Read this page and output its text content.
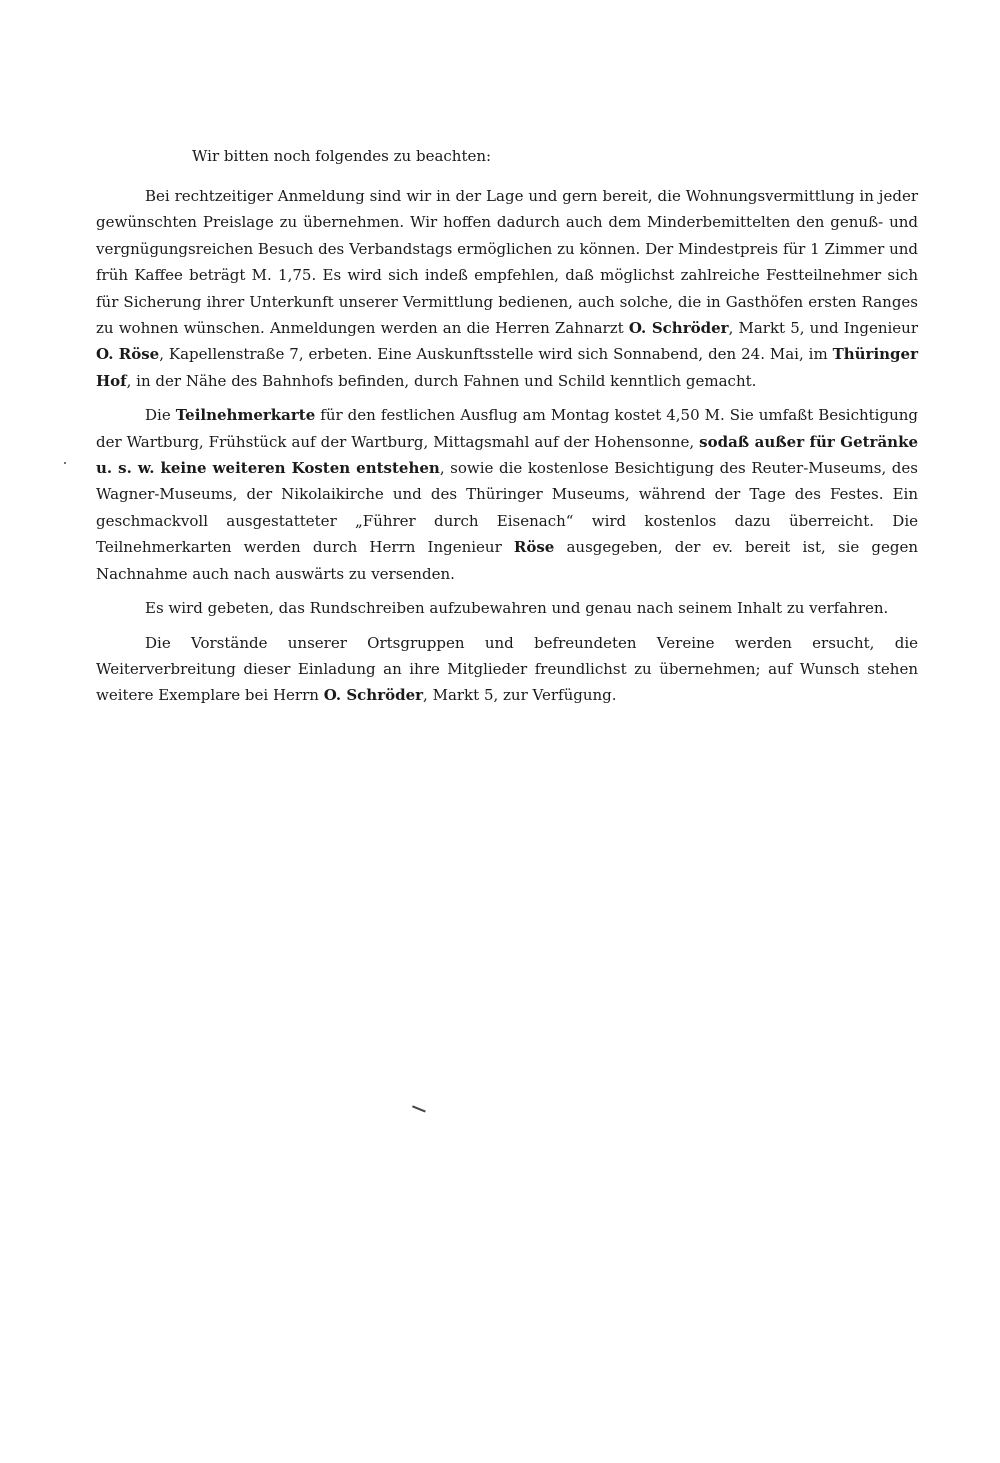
Wir bitten noch folgendes zu beachten:

Bei rechtzeitiger Anmeldung sind wir in der Lage und gern bereit, die Wohnungsvermittlung in jeder gewünschten Preislage zu übernehmen. Wir hoffen dadurch auch dem Minderbemittelten den genuß- und vergnügungsreichen Besuch des Verbandstags ermöglichen zu können. Der Mindestpreis für 1 Zimmer und früh Kaffee beträgt M. 1,75. Es wird sich indeß empfehlen, daß möglichst zahlreiche Festteilnehmer sich für Sicherung ihrer Unterkunft unserer Vermittlung bedienen, auch solche, die in Gasthöfen ersten Ranges zu wohnen wünschen. Anmeldungen werden an die Herren Zahnarzt O. Schröder, Markt 5, und Ingenieur O. Röse, Kapellenstraße 7, erbeten. Eine Auskunftsstelle wird sich Sonnabend, den 24. Mai, im Thüringer Hof, in der Nähe des Bahnhofs befinden, durch Fahnen und Schild kenntlich gemacht.

Die Teilnehmerkarte für den festlichen Ausflug am Montag kostet 4,50 M. Sie umfaßt Besichtigung der Wartburg, Frühstück auf der Wartburg, Mittagsmahl auf der Hohensonne, sodaß außer für Getränke u. s. w. keine weiteren Kosten entstehen, sowie die kostenlose Besichtigung des Reuter-Museums, des Wagner-Museums, der Nikolaikirche und des Thüringer Museums, während der Tage des Festes. Ein geschmackvoll ausgestatteter „Führer durch Eisenach“ wird kostenlos dazu überreicht. Die Teilnehmerkarten werden durch Herrn Ingenieur Röse ausgegeben, der ev. bereit ist, sie gegen Nachnahme auch nach auswärts zu versenden.

Es wird gebeten, das Rundschreiben aufzubewahren und genau nach seinem Inhalt zu verfahren.

Die Vorstände unserer Ortsgruppen und befreundeten Vereine werden ersucht, die Weiterverbreitung dieser Einladung an ihre Mitglieder freundlichst zu übernehmen; auf Wunsch stehen weitere Exemplare bei Herrn O. Schröder, Markt 5, zur Verfügung.
